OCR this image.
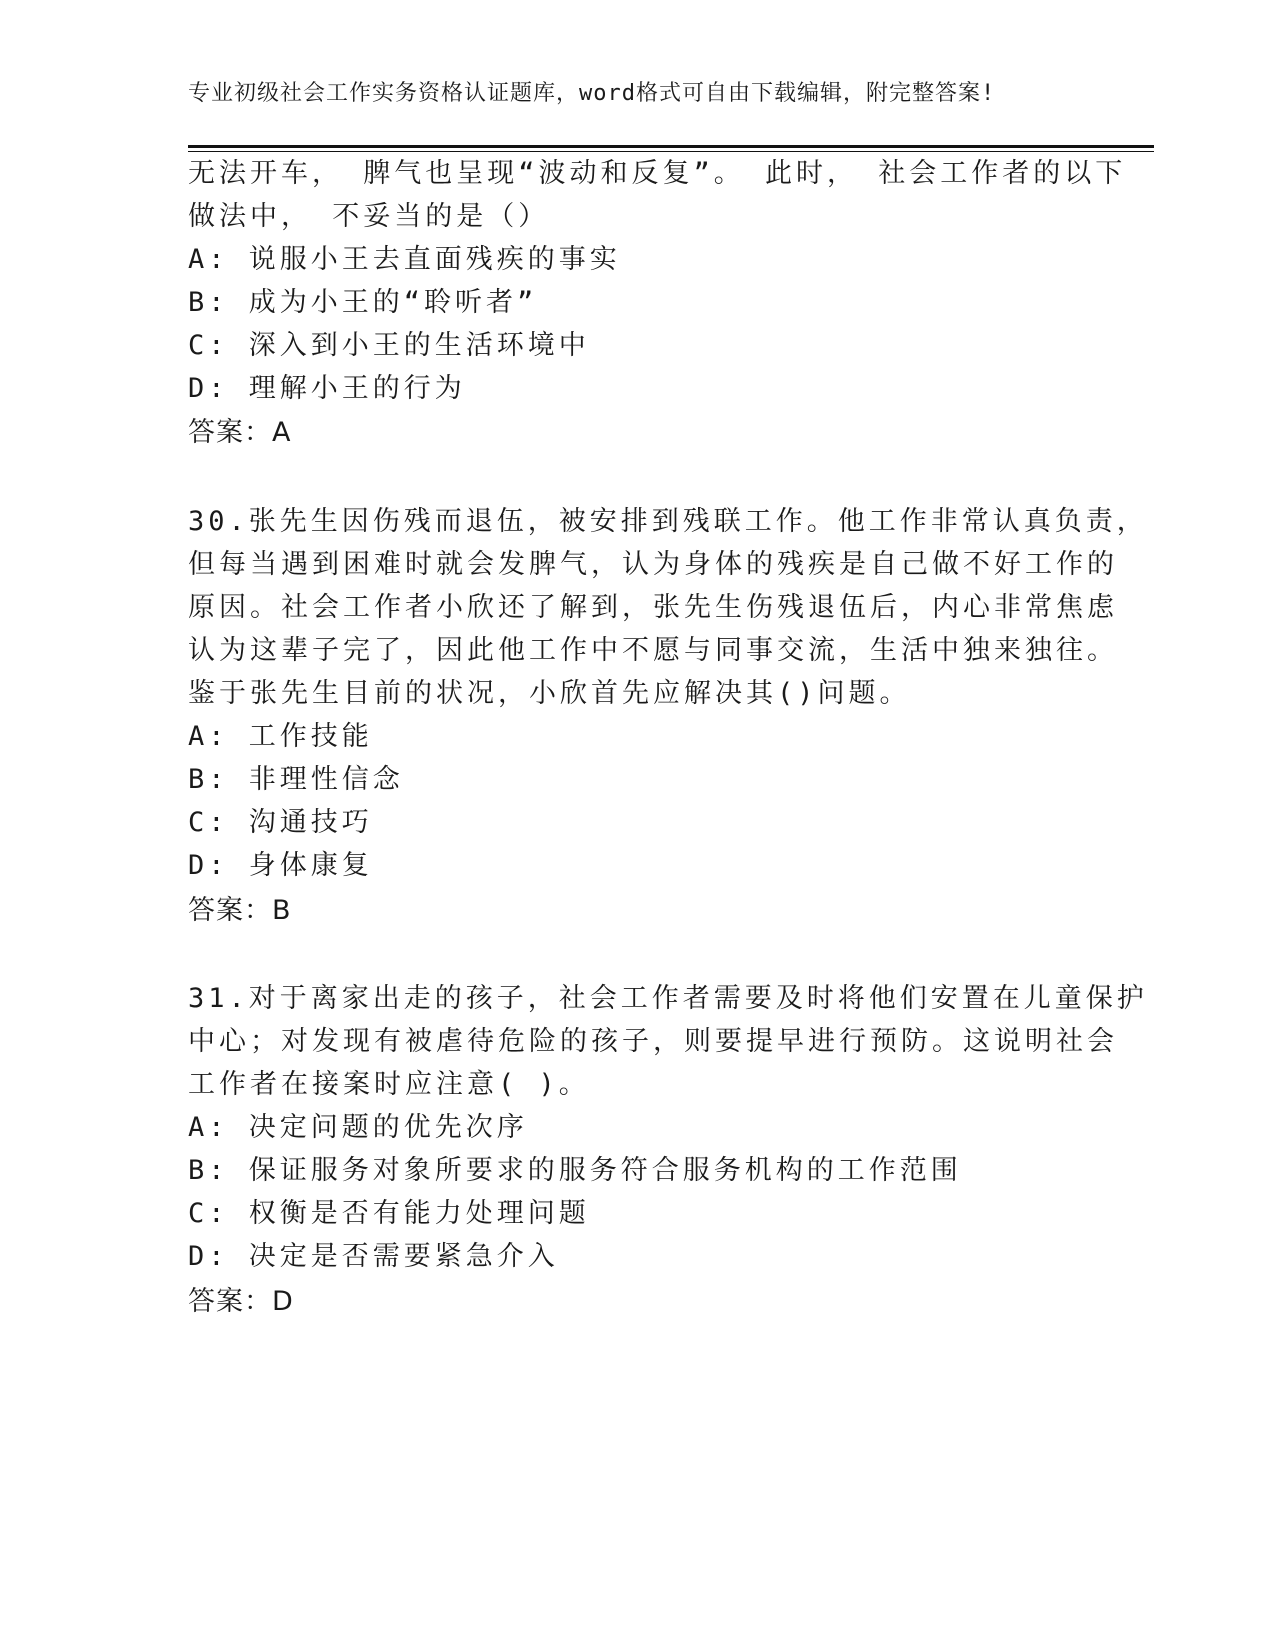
专业初级社会工作实务资格认证题库，word格式可自由下载编辑，附完整答案!
无法开车， 脾气也呈现“波动和反复”。 此时， 社会工作者的以下
做法中， 不妥当的是（）
A: 说服小王去直面残疾的事实
B: 成为小王的“聆听者”
C: 深入到小王的生活环境中
D: 理解小王的行为
答案：A
30.张先生因伤残而退伍，被安排到残联工作。他工作非常认真负责，
但每当遇到困难时就会发脾气，认为身体的残疾是自己做不好工作的
原因。社会工作者小欣还了解到，张先生伤残退伍后，内心非常焦虑
认为这辈子完了，因此他工作中不愿与同事交流，生活中独来独往。
鉴于张先生目前的状况，小欣首先应解决其()问题。
A: 工作技能
B: 非理性信念
C: 沟通技巧
D: 身体康复
答案：B
31.对于离家出走的孩子，社会工作者需要及时将他们安置在儿童保护
中心；对发现有被虐待危险的孩子，则要提早进行预防。这说明社会
工作者在接案时应注意( )。
A: 决定问题的优先次序
B: 保证服务对象所要求的服务符合服务机构的工作范围
C: 权衡是否有能力处理问题
D: 决定是否需要紧急介入
答案：D
